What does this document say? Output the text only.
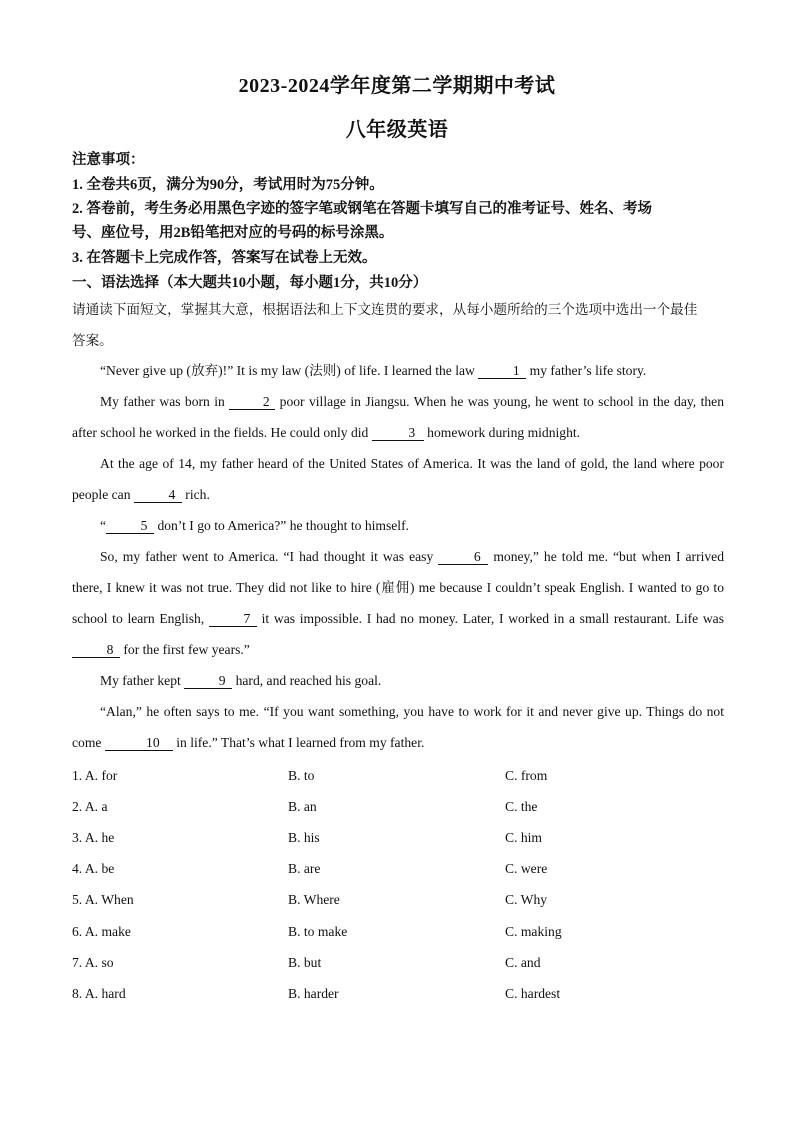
2023-2024学年度第二学期期中考试
八年级英语
注意事项：
1. 全卷共6页，满分为90分，考试用时为75分钟。
2. 答卷前，考生务必用黑色字迹的签字笔或钢笔在答题卡填写自己的准考证号、姓名、考场
号、座位号，用2B铅笔把对应的号码的标号涂黑。
3. 在答题卡上完成作答，答案写在试卷上无效。
一、语法选择（本大题共10小题，每小题1分，共10分）
请通读下面短文，掌握其大意，根据语法和上下文连贯的要求，从每小题所给的三个选项中选出一个最佳
答案。

“Never give up (放弃)!” It is my law (法则) of life. I learned the law	1 my father’s life story.

My father was born in 2 poor village in Jiangsu. When he was young, he went to school in the day, then after school he worked in the fields. He could only did	3 homework during midnight.

At the age of 14, my father heard of the United States of America. It was the land of gold, the land where poor people can	4 rich.

“	5 don’t I go to America?” he thought to himself.

So, my father went to America. “I had thought it was easy	6 money,” he told me. “but when I arrived there, I knew it was not true. They did not like to hire (雇佣) me because I couldn’t speak English. I wanted to go to school to learn English,	7 it was impossible. I had no money. Later, I worked in a small restaurant. Life was 8 for the first few years.”

My father kept	9 hard, and reached his goal.

“Alan,” he often says to me. “If you want something, you have to work for it and never give up. Things do not come	10 in life.” That’s what I learned from my father.

1. A. for	B. to	C. from
2. A. a	B. an	C. the
3. A. he	B. his	C. him
4. A. be	B. are	C. were
5. A. When	B. Where	C. Why
6. A. make	B. to make	C. making
7. A. so	B. but	C. and
8. A. hard	B. harder	C. hardest
